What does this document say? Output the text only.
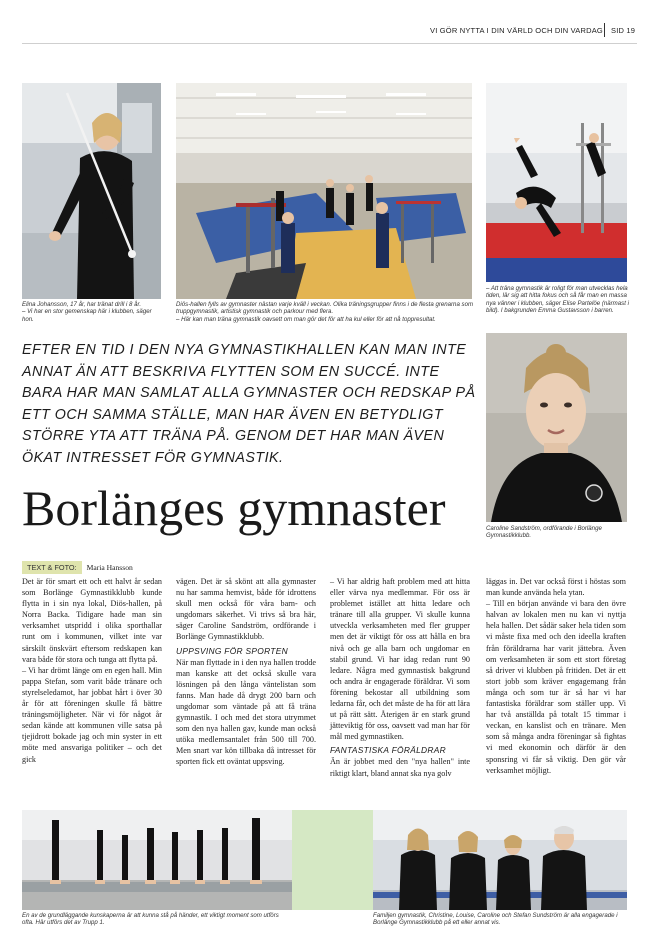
VI GÖR NYTTA I DIN VÄRLD OCH DIN VARDAG SID 19

Elina Johansson, 17 år, har tränat drill i 8 år.

– Vi har en stor gemenskap här i klubben, säger hon.

Diös-hallen fylls av gymnaster nästan varje kväll i veckan. Olika träningsgrupper finns i de flesta grenarna som truppgymnastik, artistisk gymnastik och parkour med flera.

– Här kan man träna gymnastik oavsett om man gör det för att ha kul eller för att nå toppresultat.

– Att träna gymnastik är roligt för man utvecklas hela tiden, lär sig att hitta fokus och så får man en massa nya vänner i klubben, säger Elise Partelöe (närmast i bild). I bakgrunden Emma Gustavsson i barren.

Caroline Sandström, ordförande i Borlänge Gymnastikklubb.

En av de grundläggande kunskaperna är att kunna stå på händer, ett viktigt moment som utförs ofta. Här utförs det av Trupp 1.

Familjen gymnastik, Christine, Louise, Caroline och Stefan Sundström är alla engagerade i Borlänge Gymnastikklubb på ett eller annat vis.

EFTER EN TID I DEN NYA GYMNASTIKHALLEN KAN MAN INTE ANNAT ÄN ATT BESKRIVA FLYTTEN SOM EN SUCCÉ. INTE BARA HAR MAN SAMLAT ALLA GYMNASTER OCH REDSKAP PÅ ETT OCH SAMMA STÄLLE, MAN HAR ÄVEN EN BETYDLIGT STÖRRE YTA ATT TRÄNA PÅ. GENOM DET HAR MAN ÄVEN ÖKAT INTRESSET FÖR GYMNASTIK.
Borlänges gymnaster
TEXT & FOTO: Maria Hansson

Det är för smart ett och ett halvt år sedan som Borlänge Gymnastikklubb kunde flytta in i sin nya lokal, Diös-hallen, på Norra Backa. Tidigare hade man sin verksamhet utspridd i olika sporthallar runt om i kommunen, vilket inte var särskilt önskvärt eftersom redskapen kan vara både för stora och tunga att flytta på.

– Vi har drömt länge om en egen hall. Min pappa Stefan, som varit både tränare och styrelseledamot, har jobbat hårt i över 30 år för att föreningen skulle få bättre träningsmöjligheter. När vi för något år sedan kände att kommunen ville satsa på tjejidrott bokade jag och min syster in ett möte med ansvariga politiker – och det gick

vägen. Det är så skönt att alla gymnaster nu har samma hemvist, både för idrottens skull men också för våra barn- och ungdomars säkerhet. Vi trivs så bra här, säger Caroline Sandström, ordförande i Borlänge Gymnastikklubb.

UPPSVING FÖR SPORTEN

När man flyttade in i den nya hallen trodde man kanske att det också skulle vara lösningen på den långa väntelistan som fanns. Man hade då drygt 200 barn och ungdomar som väntade på att få träna gymnastik. I och med det stora utrymmet som den nya hallen gav, kunde man också utöka medlemsantalet från 500 till 700. Men snart var kön tillbaka då intresset för sporten fick ett oväntat uppsving.

– Vi har aldrig haft problem med att hitta eller värva nya medlemmar. För oss är problemet istället att hitta ledare och tränare till alla grupper. Vi skulle kunna utveckla verksamheten med fler grupper men det är viktigt för oss att hålla en bra nivå och ge alla barn och ungdomar en stabil grund. Vi har idag redan runt 90 ledare. Några med gymnastisk bakgrund och andra är engagerade föräldrar. Vi som förening bekostar all utbildning som ledarna får, och det måste de ha för att lära ut på rätt sätt. Återigen är en stark grund jätteviktig för oss, oavsett vad man har för mål med gymnastiken.

FANTASTISKA FÖRÄLDRAR

Än är jobbet med den "nya hallen" inte riktigt klart, bland annat ska nya golv

läggas in. Det var också först i höstas som man kunde använda hela ytan.

– Till en början använde vi bara den övre halvan av lokalen men nu kan vi nyttja hela hallen. Det sådär saker hela tiden som vi måste fixa med och den ideella kraften från föräldrarna har varit jättebra. Även om verksamheten är som ett stort företag så driver vi klubben på fritiden. Det är ett stort jobb som kräver engagemang från många och som tur är så har vi har fantastiska föräldrar som ställer upp. Vi har två anställda på totalt 15 timmar i veckan, en kanslist och en tränare. Men som så många andra föreningar så fightas vi med ekonomin och därför är den sponsring vi får så viktig. Den gör vår verksamhet möjligt.
